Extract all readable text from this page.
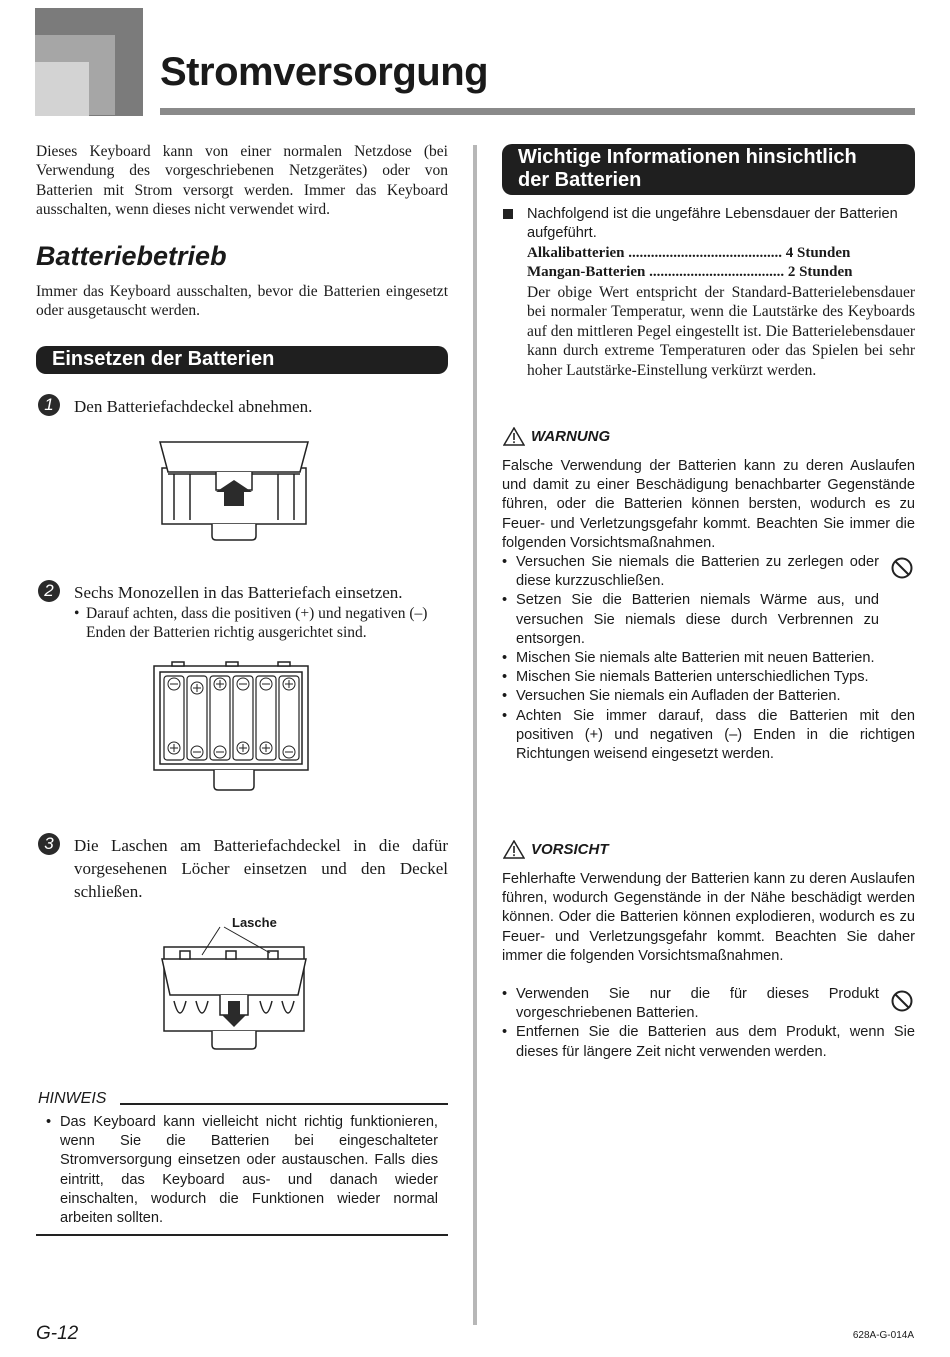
Stromversorgung

Dieses Keyboard kann von einer normalen Netzdose (bei Verwendung des vorgeschriebenen Netzgerätes) oder von Batterien mit Strom versorgt werden. Immer das Keyboard ausschalten, wenn dieses nicht verwendet wird.

Batteriebetrieb

Immer das Keyboard ausschalten, bevor die Batterien eingesetzt oder ausgetauscht werden.

Einsetzen der Batterien
1	Den Batteriefachdeckel abnehmen.
2	Sechs Monozellen in das Batteriefach einsetzen.
• Darauf achten, dass die positiven (+) und negativen (–) Enden der Batterien richtig ausgerichtet sind.

3	Die Laschen am Batteriefachdeckel in die dafür vorgesehenen Löcher einsetzen und den Deckel schließen.
Lasche
HINWEIS
• Das Keyboard kann vielleicht nicht richtig funktionieren, wenn Sie die Batterien bei eingeschalteter Stromversorgung einsetzen oder austauschen. Falls dies eintritt, das Keyboard aus- und danach wieder einschalten, wodurch die Funktionen wieder normal arbeiten sollten.

Wichtige Informationen hinsichtlich
der Batterien

Nachfolgend ist die ungefähre Lebensdauer der Batterien aufgeführt.

Alkalibatterien ......................................... 4 Stunden
Mangan-Batterien .................................... 2 Stunden

Der obige Wert entspricht der Standard-Batterielebensdauer bei normaler Temperatur, wenn die Lautstärke des Keyboards auf den mittleren Pegel eingestellt ist. Die Batterielebensdauer kann durch extreme Temperaturen oder das Spielen bei sehr hoher Lautstärke-Einstellung verkürzt werden.

WARNUNG

Falsche Verwendung der Batterien kann zu deren Auslaufen und damit zu einer Beschädigung benachbarter Gegenstände führen, oder die Batterien können bersten, wodurch es zu Feuer- und Verletzungsgefahr kommt. Beachten Sie immer die folgenden Vorsichtsmaßnahmen.

• Versuchen Sie niemals die Batterien zu zerlegen oder diese kurzzuschließen.
• Setzen Sie die Batterien niemals Wärme aus, und versuchen Sie niemals diese durch Verbrennen zu entsorgen.
• Mischen Sie niemals alte Batterien mit neuen Batterien.
• Mischen Sie niemals Batterien unterschiedlichen Typs.
• Versuchen Sie niemals ein Aufladen der Batterien.
• Achten Sie immer darauf, dass die Batterien mit den positiven (+) und negativen (–) Enden in die richtigen Richtungen weisend eingesetzt werden.
VORSICHT

Fehlerhafte Verwendung der Batterien kann zu deren Auslaufen führen, wodurch Gegenstände in der Nähe beschädigt werden können. Oder die Batterien können explodieren, wodurch es zu Feuer- und Verletzungsgefahr kommt. Beachten Sie daher immer die folgenden Vorsichtsmaßnahmen.

• Verwenden Sie nur die für dieses Produkt vorgeschriebenen Batterien.
• Entfernen Sie die Batterien aus dem Produkt, wenn Sie dieses für längere Zeit nicht verwenden werden.
G-12	628A-G-014A
